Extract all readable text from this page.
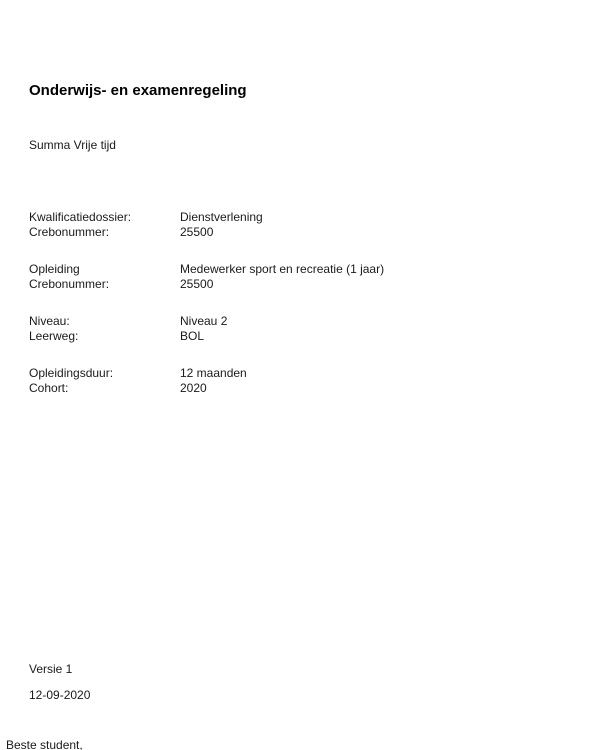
Onderwijs- en examenregeling
Summa Vrije tijd
Kwalificatiedossier:	Dienstverlening
Crebonummer:	25500
Opleiding	Medewerker sport en recreatie (1 jaar)
Crebonummer:	25500
Niveau:	Niveau 2
Leerweg:	BOL
Opleidingsduur:	12 maanden
Cohort:	2020
Versie 1
12-09-2020
Beste student,
